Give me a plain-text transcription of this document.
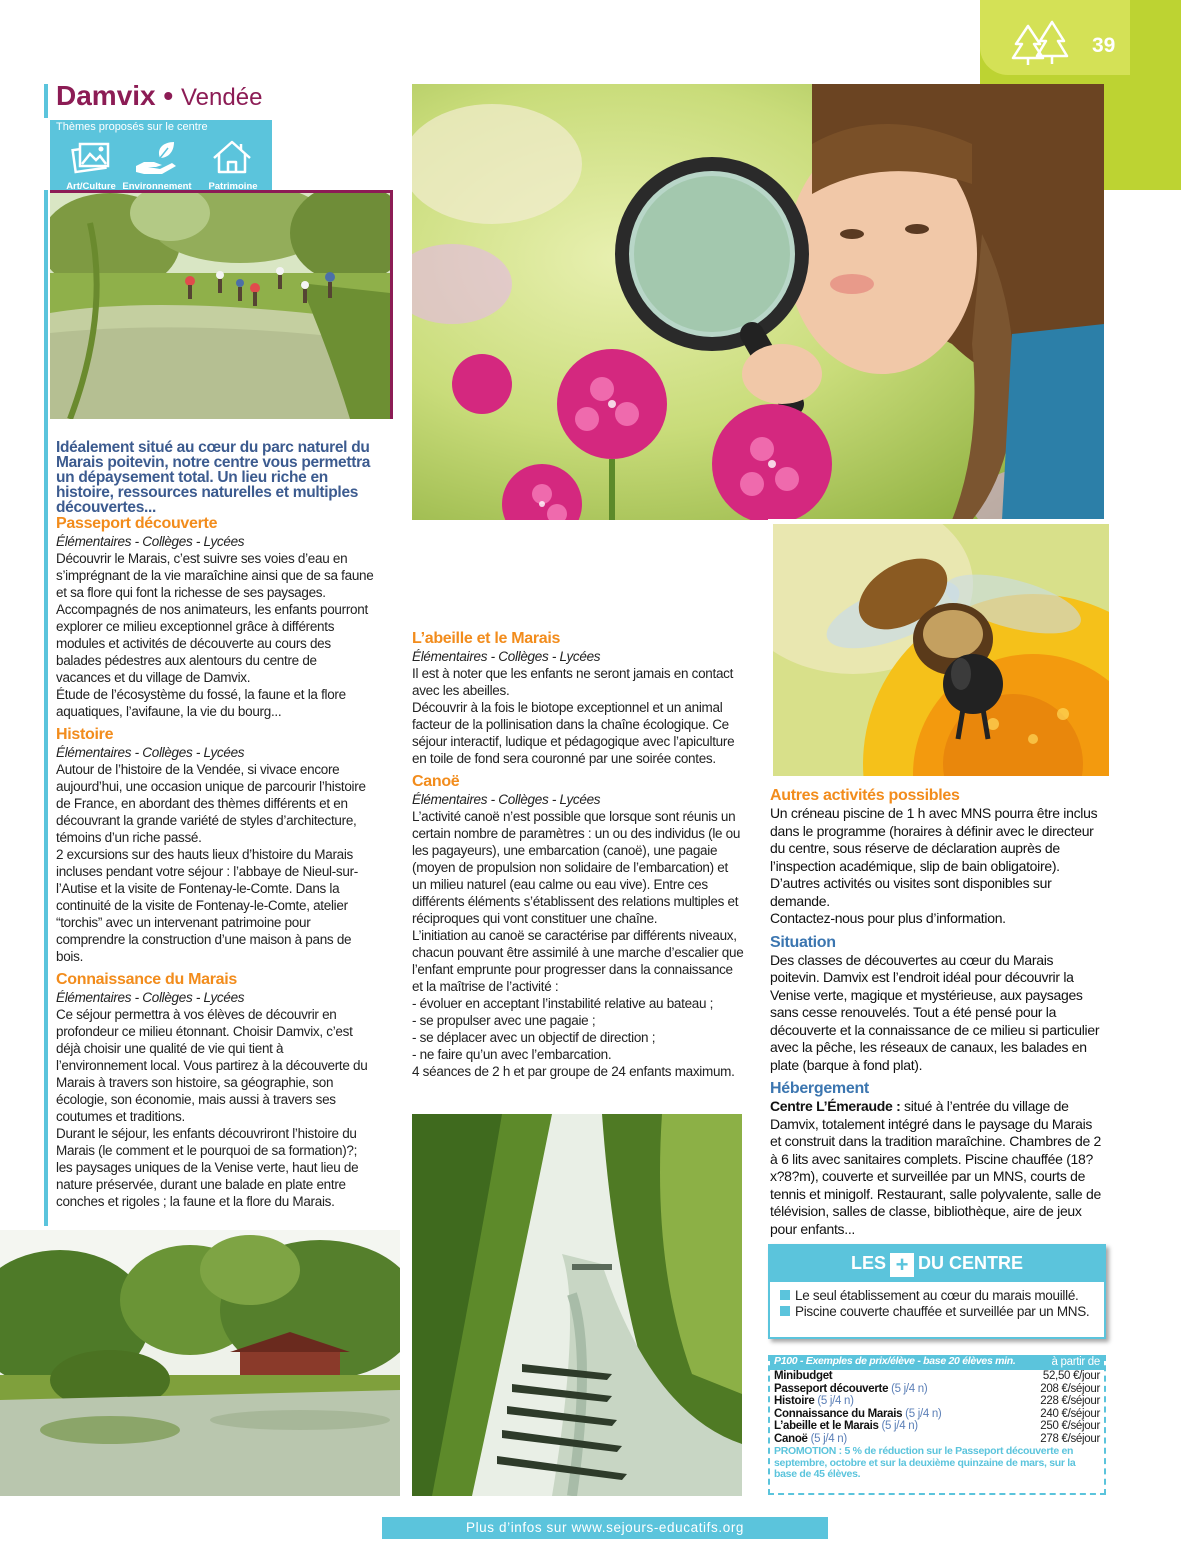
39
Damvix • Vendée
Art/Culture Environnement	Patrimoine
Thèmes proposés sur le centre

Idéalement situé au cœur du parc naturel du Marais poitevin, notre centre vous permettra un dépaysement total. Un lieu riche en histoire, ressources naturelles et multiples découvertes...

Passeport découverte

Élémentaires - Collèges - Lycées

Découvrir le Marais, c’est suivre ses voies d’eau en s’imprégnant de la vie maraîchine ainsi que de sa faune et sa flore qui font la richesse de ses paysages.

Accompagnés de nos animateurs, les enfants pourront explorer ce milieu exceptionnel grâce à différents modules et activités de découverte au cours des balades pédestres aux alentours du centre de vacances et du village de Damvix.

Étude de l’écosystème du fossé, la faune et la flore aquatiques, l’avifaune, la vie du bourg...

Histoire

Élémentaires - Collèges - Lycées

Autour de l’histoire de la Vendée, si vivace encore aujourd’hui, une occasion unique de parcourir l’histoire de France, en abordant des thèmes différents et en découvrant la grande variété de styles d’architecture, témoins d’un riche passé.

2 excursions sur des hauts lieux d’histoire du Marais incluses pendant votre séjour : l’abbaye de Nieul-sur-l’Autise et la visite de Fontenay-le-Comte. Dans la continuité de la visite de Fontenay-le-Comte, atelier “torchis” avec un intervenant patrimoine pour comprendre la construction d’une maison à pans de bois.

Connaissance du Marais

Élémentaires - Collèges - Lycées

Ce séjour permettra à vos élèves de découvrir en profondeur ce milieu étonnant. Choisir Damvix, c’est déjà choisir une qualité de vie qui tient à l’environnement local. Vous partirez à la découverte du Marais à travers son histoire, sa géographie, son écologie, son économie, mais aussi à travers ses coutumes et traditions.

Durant le séjour, les enfants découvriront l’histoire du Marais (le comment et le pourquoi de sa formation)?; les paysages uniques de la Venise verte, haut lieu de nature préservée, durant une balade en plate entre conches et rigoles ; la faune et la flore du Marais.

L’abeille et le Marais

Élémentaires - Collèges - Lycées

Il est à noter que les enfants ne seront jamais en contact avec les abeilles.

Découvrir à la fois le biotope exceptionnel et un animal facteur de la pollinisation dans la chaîne écologique. Ce séjour interactif, ludique et pédagogique avec l’apiculture en toile de fond sera couronné par une soirée contes.

Canoë

Élémentaires - Collèges - Lycées

L’activité canoë n’est possible que lorsque sont réunis un certain nombre de paramètres : un ou des individus (le ou les pagayeurs), une embarcation (canoë), une pagaie (moyen de propulsion non solidaire de l’embarcation) et un milieu naturel (eau calme ou eau vive). Entre ces différents éléments s’établissent des relations multiples et réciproques qui vont constituer une chaîne.

L’initiation au canoë se caractérise par différents niveaux, chacun pouvant être assimilé à une marche d’escalier que l’enfant emprunte pour progresser dans la connaissance et la maîtrise de l’activité :

- évoluer en acceptant l’instabilité relative au bateau ;

- se propulser avec une pagaie ;

- se déplacer avec un objectif de direction ;

- ne faire qu’un avec l’embarcation.

4 séances de 2 h et par groupe de 24 enfants maximum.

Autres activités possibles

Un créneau piscine de 1 h avec MNS pourra être inclus dans le programme (horaires à définir avec le directeur du centre, sous réserve de déclaration auprès de l’inspection académique, slip de bain obligatoire).

D’autres activités ou visites sont disponibles sur demande.

Contactez-nous pour plus d’information.

Situation

Des classes de découvertes au cœur du Marais poitevin. Damvix est l’endroit idéal pour découvrir la Venise verte, magique et mystérieuse, aux paysages sans cesse renouvelés. Tout a été pensé pour la découverte et la connaissance de ce milieu si particulier avec la pêche, les réseaux de canaux, les balades en plate (barque à fond plat).

Hébergement

Centre L’Émeraude : situé à l’entrée du village de Damvix, totalement intégré dans le paysage du Marais et construit dans la tradition maraîchine. Chambres de 2 à 6 lits avec sanitaires complets. Piscine chauffée (18?x?8?m), couverte et surveillée par un MNS, courts de tennis et minigolf. Restaurant, salle polyvalente, salle de télévision, salles de classe, bibliothèque, aire de jeux pour enfants...

LES + DU CENTRE
Le seul établissement au cœur du marais mouillé.
Piscine couverte chauffée et surveillée par un MNS.
P100 - Exemples de prix/élève - base 20 élèves min.	à partir de
Minibudget	52,50 €/jour
Passeport découverte (5 j/4 n)	208 €/séjour
Histoire (5 j/4 n)	228 €/séjour
Connaissance du Marais (5 j/4 n)	240 €/séjour
L’abeille et le Marais (5 j/4 n)	250 €/séjour
Canoë (5 j/4 n)	278 €/séjour
PROMOTION : 5 % de réduction sur le Passeport découverte en septembre, octobre et sur la deuxième quinzaine de mars, sur la base de 45 élèves.
Plus d’infos sur www.sejours-educatifs.org
